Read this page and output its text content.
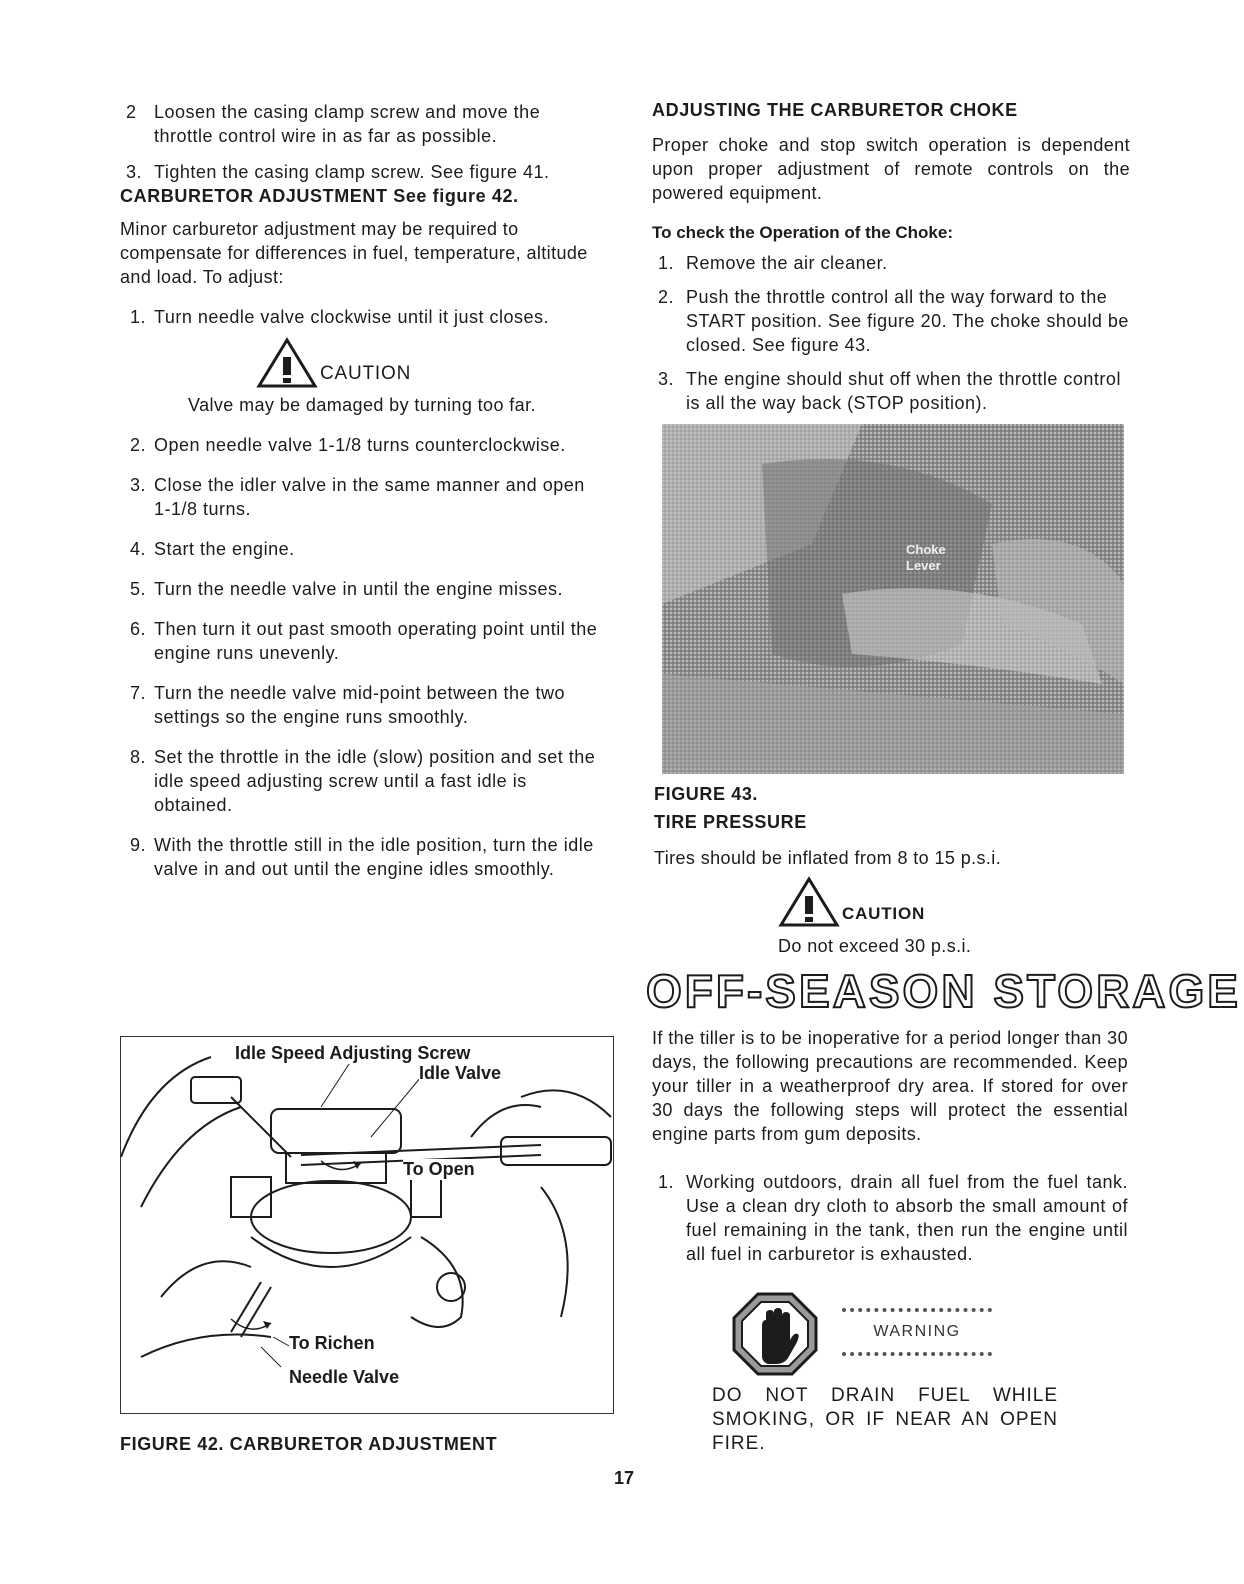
2 Loosen the casing clamp screw and move the throttle control wire in as far as possible.
3. Tighten the casing clamp screw. See figure 41.

CARBURETOR ADJUSTMENT See figure 42.

Minor carburetor adjustment may be required to compensate for differences in fuel, temperature, altitude and load. To adjust:

1. Turn needle valve clockwise until it just closes.
CAUTION

Valve may be damaged by turning too far.

2. Open needle valve 1-1/8 turns counterclockwise.
3. Close the idler valve in the same manner and open 1-1/8 turns.
4. Start the engine.
5. Turn the needle valve in until the engine misses.
6. Then turn it out past smooth operating point until the engine runs unevenly.
7. Turn the needle valve mid-point between the two settings so the engine runs smoothly.
8. Set the throttle in the idle (slow) position and set the idle speed adjusting screw until a fast idle is obtained.
9. With the throttle still in the idle position, turn the idle valve in and out until the engine idles smoothly.
Idle Speed Adjusting Screw
Idle Valve
To Open
To Richen
Needle Valve
FIGURE 42. CARBURETOR ADJUSTMENT

ADJUSTING THE CARBURETOR CHOKE

Proper choke and stop switch operation is dependent upon proper adjustment of remote controls on the powered equipment.

To check the Operation of the Choke:

1. Remove the air cleaner.
2. Push the throttle control all the way forward to the START position. See figure 20. The choke should be closed. See figure 43.
3. The engine should shut off when the throttle control is all the way back (STOP position).
Choke Lever
FIGURE 43.
TIRE PRESSURE
Tires should be inflated from 8 to 15 p.s.i.
CAUTION
Do not exceed 30 p.s.i.
OFF-SEASON STORAGE
If the tiller is to be inoperative for a period longer than 30 days, the following precautions are recommended. Keep your tiller in a weatherproof dry area. If stored for over 30 days the following steps will protect the essential engine parts from gum deposits.
1. Working outdoors, drain all fuel from the fuel tank. Use a clean dry cloth to absorb the small amount of fuel remaining in the tank, then run the engine until all fuel in carburetor is exhausted.
WARNING
DO NOT DRAIN FUEL WHILE SMOKING, OR IF NEAR AN OPEN FIRE.
17
